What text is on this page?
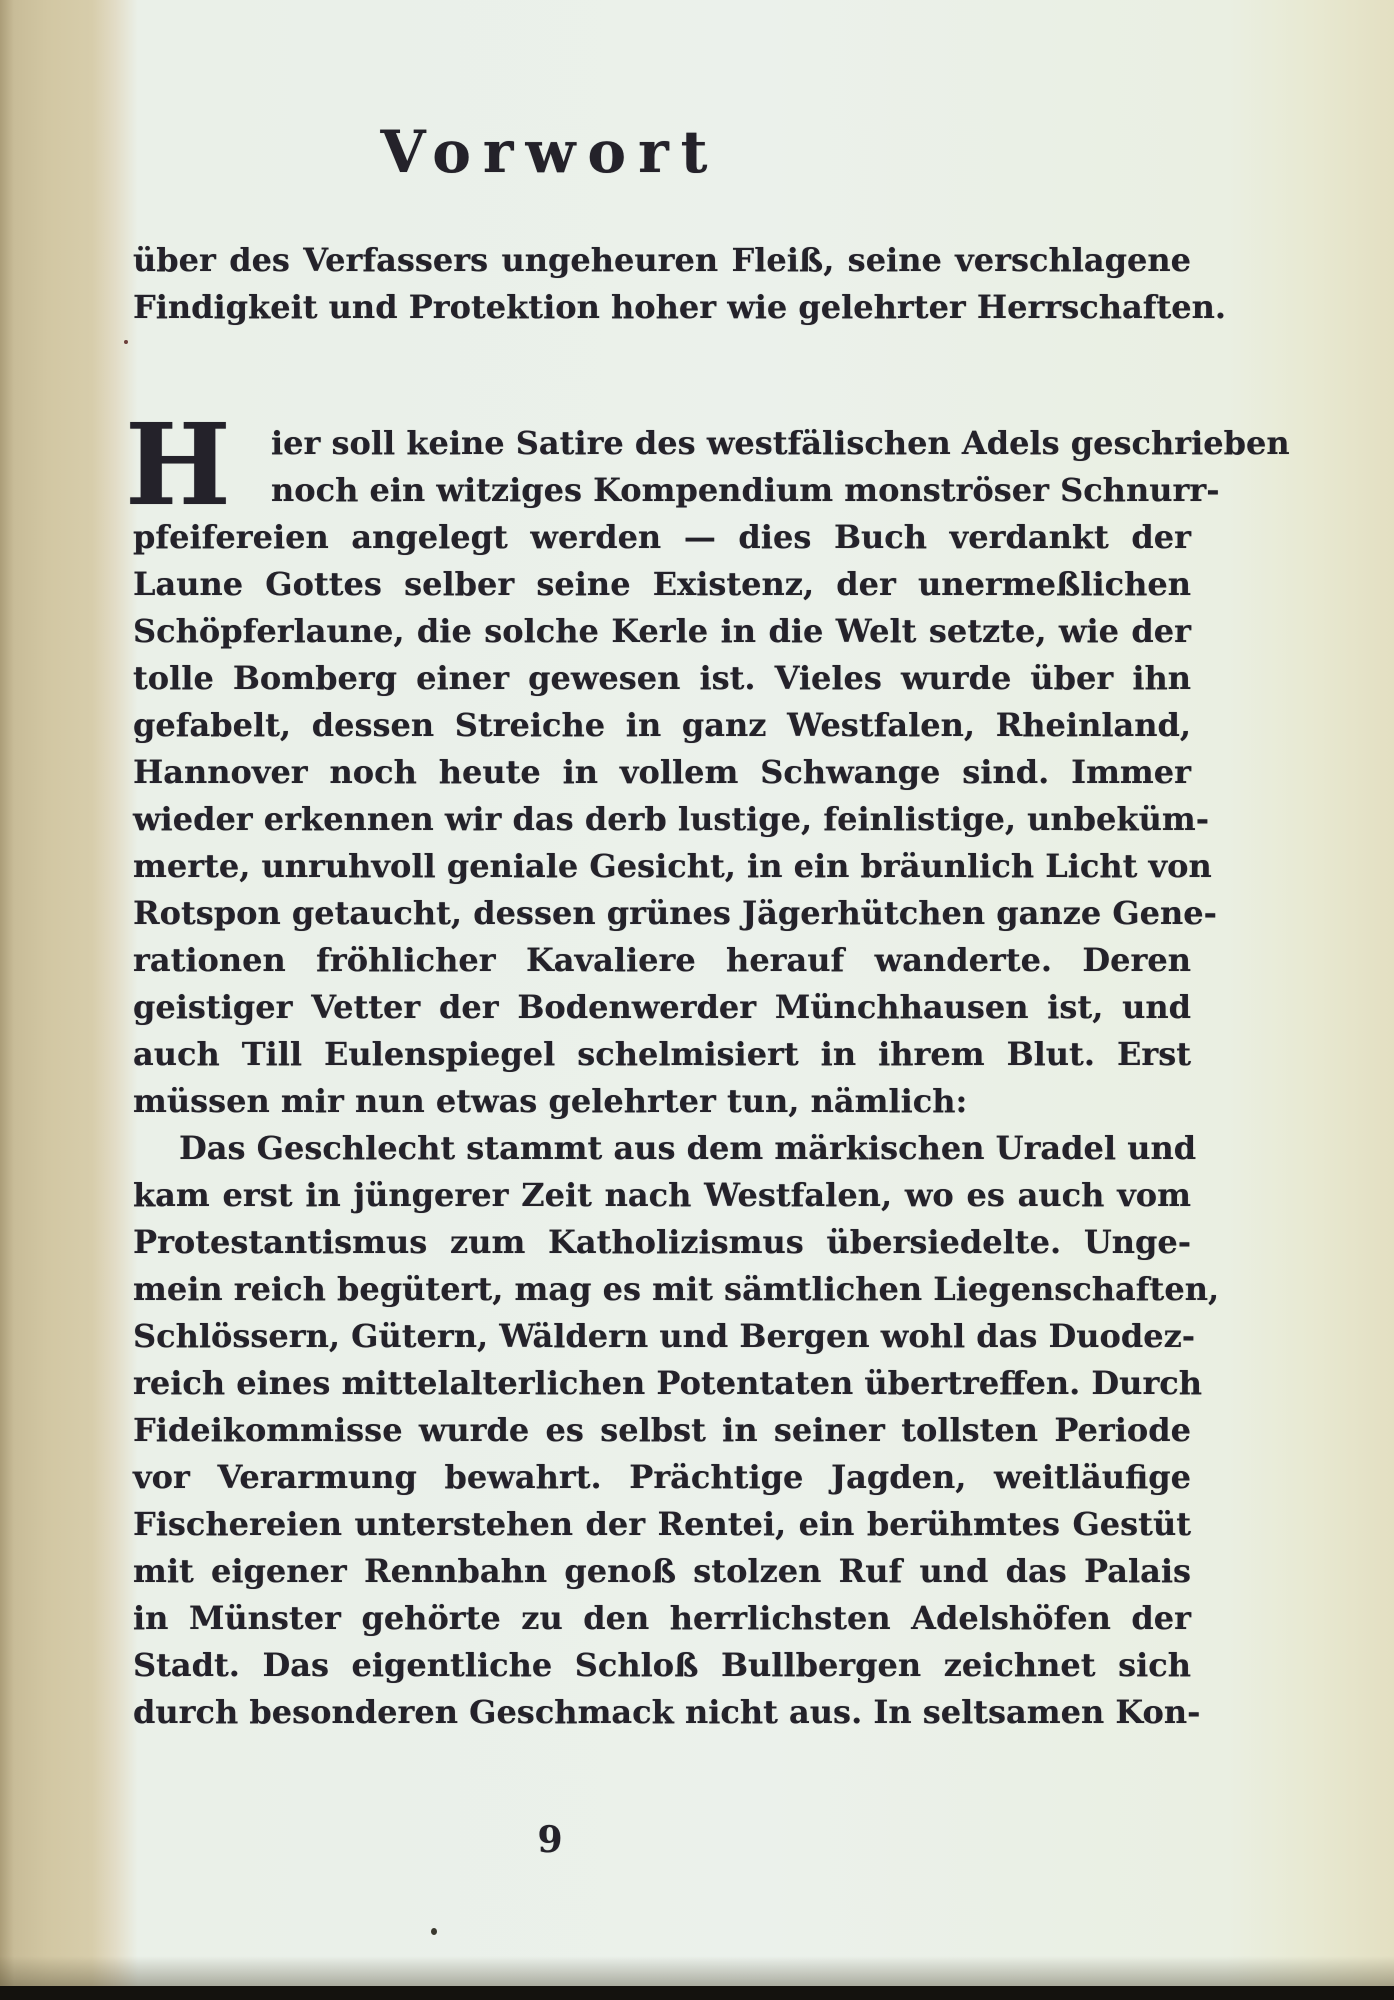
Vorwort
über des Verfassers ungeheuren Fleiß, seine verschlagene
Findigkeit und Protektion hoher wie gelehrter Herrschaften.
H	ier soll keine Satire des westfälischen Adels geschrieben
noch ein witziges Kompendium monströser Schnurr-
pfeifereien angelegt werden — dies Buch verdankt der
Laune Gottes selber seine Existenz, der unermeßlichen
Schöpferlaune, die solche Kerle in die Welt setzte, wie der
tolle Bomberg einer gewesen ist. Vieles wurde über ihn
gefabelt, dessen Streiche in ganz Westfalen, Rheinland,
Hannover noch heute in vollem Schwange sind. Immer
wieder erkennen wir das derb lustige, feinlistige, unbeküm-
merte, unruhvoll geniale Gesicht, in ein bräunlich Licht von
Rotspon getaucht, dessen grünes Jägerhütchen ganze Gene-
rationen fröhlicher Kavaliere herauf wanderte. Deren
geistiger Vetter der Bodenwerder Münchhausen ist, und
auch Till Eulenspiegel schelmisiert in ihrem Blut. Erst
müssen mir nun etwas gelehrter tun, nämlich:
Das Geschlecht stammt aus dem märkischen Uradel und
kam erst in jüngerer Zeit nach Westfalen, wo es auch vom
Protestantismus zum Katholizismus übersiedelte. Unge-
mein reich begütert, mag es mit sämtlichen Liegenschaften,
Schlössern, Gütern, Wäldern und Bergen wohl das Duodez-
reich eines mittelalterlichen Potentaten übertreffen. Durch
Fideikommisse wurde es selbst in seiner tollsten Periode
vor Verarmung bewahrt. Prächtige Jagden, weitläufige
Fischereien unterstehen der Rentei, ein berühmtes Gestüt
mit eigener Rennbahn genoß stolzen Ruf und das Palais
in Münster gehörte zu den herrlichsten Adelshöfen der
Stadt. Das eigentliche Schloß Bullbergen zeichnet sich
durch besonderen Geschmack nicht aus. In seltsamen Kon-
9
